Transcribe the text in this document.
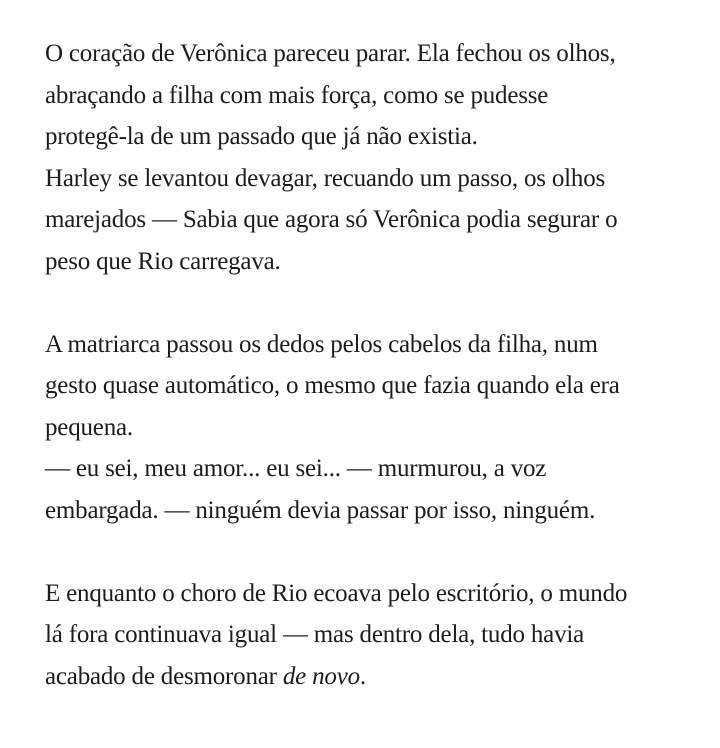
O coração de Verônica pareceu parar. Ela fechou os olhos,
abraçando a filha com mais força, como se pudesse
protegê-la de um passado que já não existia.
Harley se levantou devagar, recuando um passo, os olhos
marejados — Sabia que agora só Verônica podia segurar o
peso que Rio carregava.

A matriarca passou os dedos pelos cabelos da filha, num
gesto quase automático, o mesmo que fazia quando ela era
pequena.
— eu sei, meu amor... eu sei... — murmurou, a voz
embargada. — ninguém devia passar por isso, ninguém.

E enquanto o choro de Rio ecoava pelo escritório, o mundo
lá fora continuava igual — mas dentro dela, tudo havia
acabado de desmoronar de novo.
